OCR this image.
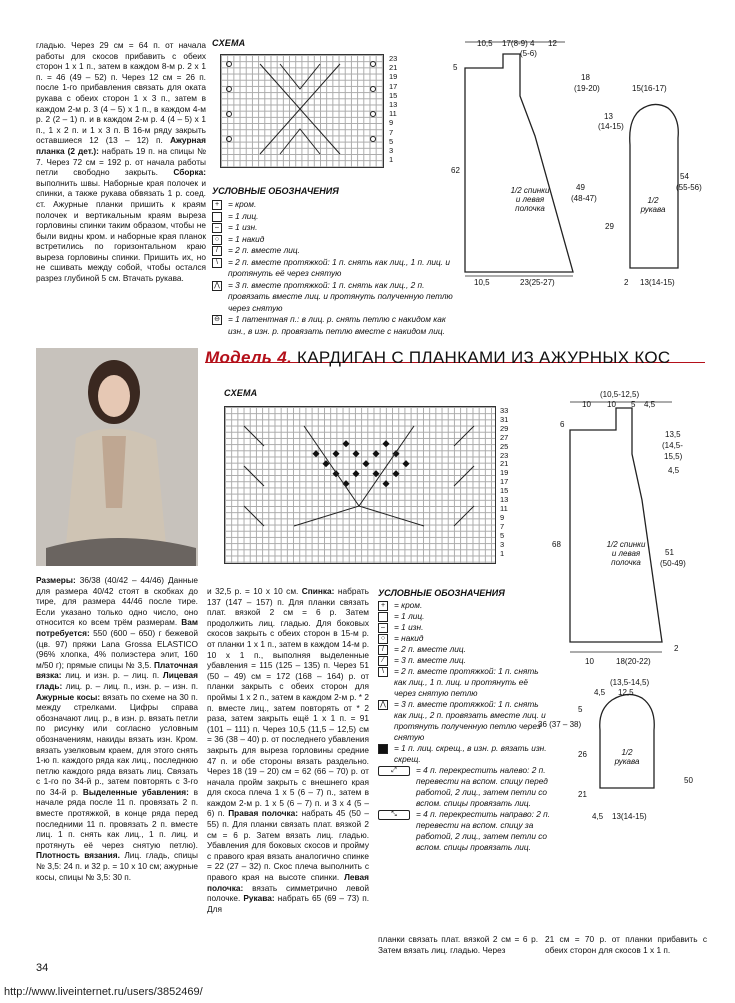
гладью. Через 29 см = 64 п. от начала работы для скосов прибавить с обеих сторон 1 х 1 п., затем в каждом 8-м р. 2 х 1 п. = 46 (49 – 52) п. Через 12 см = 26 п. после 1-го прибавления связать для оката рукава с обеих сторон 1 х 3 п., затем в каждом 2-м р. 3 (4 – 5) х 1 п., в каждом 4-м р. 2 (2 – 1) п. и в каждом 2-м р. 4 (4 – 5) х 1 п., 1 х 2 п. и 1 х 3 п. В 16-м ряду закрыть оставшиеся 12 (13 – 12) п. Ажурная планка (2 дет.): набрать 19 п. на спицы № 7. Через 72 см = 192 р. от начала работы петли свободно закрыть. Сборка: выполнить швы. Наборные края полочек и спинки, а также рукава обвязать 1 р. соед. ст. Ажурные планки пришить к краям полочек и вертикальным краям выреза горловины спинки таким образом, чтобы не были видны кром. и наборные края планок встретились по горизонтальном краю выреза горловины спинки. Пришить их, но не сшивать между собой, чтобы остался разрез глубиной 5 см. Втачать рукава.
СХЕМА
23
21
19
17
15
13
11
9
7
5
3
1
УСЛОВНЫЕ ОБОЗНАЧЕНИЯ
+	= кром.
= 1 лиц.
–	= 1 изн.
○	= 1 накид
/	= 2 п. вместе лиц.
\	= 2 п. вместе протяжкой: 1 п. снять как лиц., 1 п. лиц. и протянуть её через снятую
⋀ = 3 п. вместе протяжкой: 1 п. снять как лиц., 2 п. провязать вместе лиц. и протянуть полученную петлю через снятую
⊖ = 1 патентная п.: в лиц. р. снять петлю с накидом как изн., в изн. р. провязать петлю вместе с накидом лиц.
10,5 17(8-9) 4 12
(5-6)
5
18
(19-20)
62
49
(48-47)
10,5	23(25-27)
1/2 спинки и левая полочка
15(16-17)
13
(14-15)
29
54
(55-56)
1/2 рукава
2 13(14-15)
Модель 4. КАРДИГАН С ПЛАНКАМИ ИЗ АЖУРНЫХ КОС
СХЕМА
33
31
29
27
25
23
21
19
17
15
13
11
9
7
5
3
1
(10,5-12,5)
10 10 5 4,5
6
13,5
(14,5-
15,5)
4,5
68
51
(50-49)
1/2 спинки и левая полочка
10	18(20-22)
2
(13,5-14,5)
12,5
4,5
5
36 (37 – 38)
26
50
21
1/2 рукава
4,5 13(14-15)
Размеры: 36/38 (40/42 – 44/46) Данные для размера 40/42 стоят в скобках до тире, для размера 44/46 после тире. Если указано только одно число, оно относится ко всем трём размерам. Вам потребуется: 550 (600 – 650) г бежевой (цв. 97) пряжи Lana Grossa ELASTICO (96% хлопка, 4% полиэстера элит, 160 м/50 г); прямые спицы № 3,5. Платочная вязка: лиц. и изн. р. – лиц. п. Лицевая гладь: лиц. р. – лиц. п., изн. р. – изн. п. Ажурные косы: вязать по схеме на 30 п. между стрелками. Цифры справа обозначают лиц. р., в изн. р. вязать петли по рисунку или согласно условным обозначениям, накиды вязать изн. Кром. вязать узелковым краем, для этого снять 1-ю п. каждого ряда как лиц., последнюю петлю каждого ряда вязать лиц. Связать с 1-го по 34-й р., затем повторять с 3-го по 34-й р. Выделенные убавления: в начале ряда после 11 п. провязать 2 п. вместе протяжкой, в конце ряда перед последними 11 п. провязать 2 п. вместе лиц. 1 п. снять как лиц., 1 п. лиц. и протянуть её через снятую петлю). Плотность вязания. Лиц. гладь, спицы № 3,5: 24 п. и 32 р. = 10 х 10 см; ажурные косы, спицы № 3,5: 30 п.
и 32,5 р. = 10 х 10 см. Спинка: набрать 137 (147 – 157) п. Для планки связать плат. вязкой 2 см = 6 р. Затем продолжить лиц. гладью. Для боковых скосов закрыть с обеих сторон в 15-м р. от планки 1 х 1 п., затем в каждом 14-м р. 10 х 1 п., выполняя выделенные убавления = 115 (125 – 135) п. Через 51 (50 – 49) см = 172 (168 – 164) р. от планки закрыть с обеих сторон для проймы 1 х 2 п., затем в каждом 2-м р. * 2 п. вместе лиц., затем повторять от * 2 раза, затем закрыть ещё 1 х 1 п. = 91 (101 – 111) п. Через 10,5 (11,5 – 12,5) см = 36 (38 – 40) р. от последнего убавления закрыть для выреза горловины средние 47 п. и обе стороны вязать раздельно. Через 18 (19 – 20) см = 62 (66 – 70) р. от начала пройм закрыть с внешнего края для скоса плеча 1 х 5 (6 – 7) п., затем в каждом 2-м р. 1 х 5 (6 – 7) п. и 3 х 4 (5 – 6) п. Правая полочка: набрать 45 (50 – 55) п. Для планки связать плат. вязкой 2 см = 6 р. Затем вязать лиц. гладью. Убавления для боковых скосов и пройму с правого края вязать аналогично спинке = 22 (27 – 32) п. Скос плеча выполнить с правого края на высоте спинки. Левая полочка: вязать симметрично левой полочке. Рукава: набрать 65 (69 – 73) п. Для
УСЛОВНЫЕ ОБОЗНАЧЕНИЯ
+	= кром.
= 1 лиц.
–	= 1 изн.
○	= накид
/	= 2 п. вместе лиц.
⁄	= 3 п. вместе лиц.
\	= 2 п. вместе протяжкой: 1 п. снять как лиц., 1 п. лиц. и протянуть её через снятую петлю
⋀ = 3 п. вместе протяжкой: 1 п. снять как лиц., 2 п. провязать вместе лиц. и протянуть полученную петлю через снятую
= 1 п. лиц. скрещ., в изн. р. вязать изн. скрещ.
⤢	= 4 п. перекрестить налево: 2 п. перевести на вспом. спицу перед работой, 2 лиц., затем петли со вспом. спицы провязать лиц.
⤡	= 4 п. перекрестить направо: 2 п. перевести на вспом. спицу за работой, 2 лиц., затем петли со вспом. спицы провязать лиц.
планки связать плат. вязкой 2 см = 6 р. Затем вязать лиц. гладью. Через
21 см = 70 р. от планки прибавить с обеих сторон для скосов 1 х 1 п.
34
http://www.liveinternet.ru/users/3852469/
